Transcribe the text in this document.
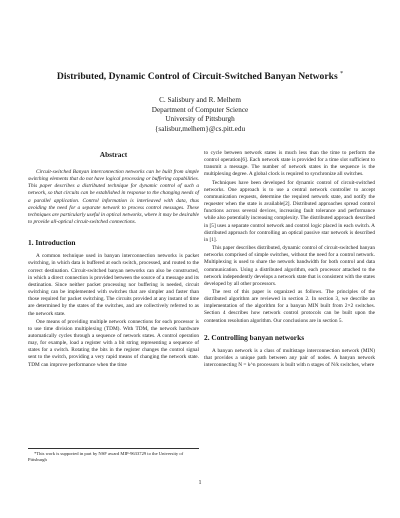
Distributed, Dynamic Control of Circuit-Switched Banyan Networks *
C. Salisbury and R. Melhem
Department of Computer Science
University of Pittsburgh
{salisbur,melhem}@cs.pitt.edu
Abstract

Circuit-switched Banyan interconnection networks can be built from simple switching elements that do not have logical processing or buffering capabilities. This paper describes a distributed technique for dynamic control of such a network, so that circuits can be established in response to the changing needs of a parallel application. Control information is interleaved with data, thus avoiding the need for a separate network to process control messages. These techniques are particularly useful in optical networks, where it may be desirable to provide all-optical circuit-switched connections.

1. Introduction

A common technique used in banyan interconnection networks is packet switching, in which data is buffered at each switch, processed, and routed to the correct destination. Circuit-switched banyan networks can also be constructed, in which a direct connection is provided between the source of a message and its destination. Since neither packet processing nor buffering is needed, circuit switching can be implemented with switches that are simpler and faster than those required for packet switching. The circuits provided at any instant of time are determined by the states of the switches, and are collectively referred to as the network state.

One means of providing multiple network connections for each processor is to use time division multiplexing (TDM). With TDM, the network hardware automatically cycles through a sequence of network states. A control operation may, for example, load a register with a bit string representing a sequence of states for a switch. Rotating the bits in the register changes the control signal sent to the switch, providing a very rapid means of changing the network state. TDM can improve performance when the time

*This work is supported in part by NSF award MIP-9633729 to the University of Pittsburgh

to cycle between network states is much less than the time to perform the control operation[6]. Each network state is provided for a time slot sufficient to transmit a message. The number of network states in the sequence is the multiplexing degree. A global clock is required to synchronize all switches.

Techniques have been developed for dynamic control of circuit-switched networks. One approach is to use a central network controller to accept communication requests, determine the required network state, and notify the requester when the state is available[2]. Distributed approaches spread control functions across several devices, increasing fault tolerance and performance while also potentially increasing complexity. The distributed approach described in [5] uses a separate control network and control logic placed in each switch. A distributed approach for controlling an optical passive star network is described in [1].

This paper describes distributed, dynamic control of circuit-switched banyan networks comprised of simple switches, without the need for a control network. Multiplexing is used to share the network bandwidth for both control and data communication. Using a distributed algorithm, each processor attached to the network independently develops a network state that is consistent with the states developed by all other processors.

The rest of this paper is organized as follows. The principles of the distributed algorithm are reviewed in section 2. In section 3, we describe an implementation of the algorithm for a banyan MIN built from 2×2 switches. Section 4 describes how network control protocols can be built upon the contention resolution algorithm. Our conclusions are in section 5.

2. Controlling banyan networks

A banyan network is a class of multistage interconnection network (MIN) that provides a unique path between any pair of nodes. A banyan network interconnecting N = k^n processors is built with n stages of N/k switches, where

1
